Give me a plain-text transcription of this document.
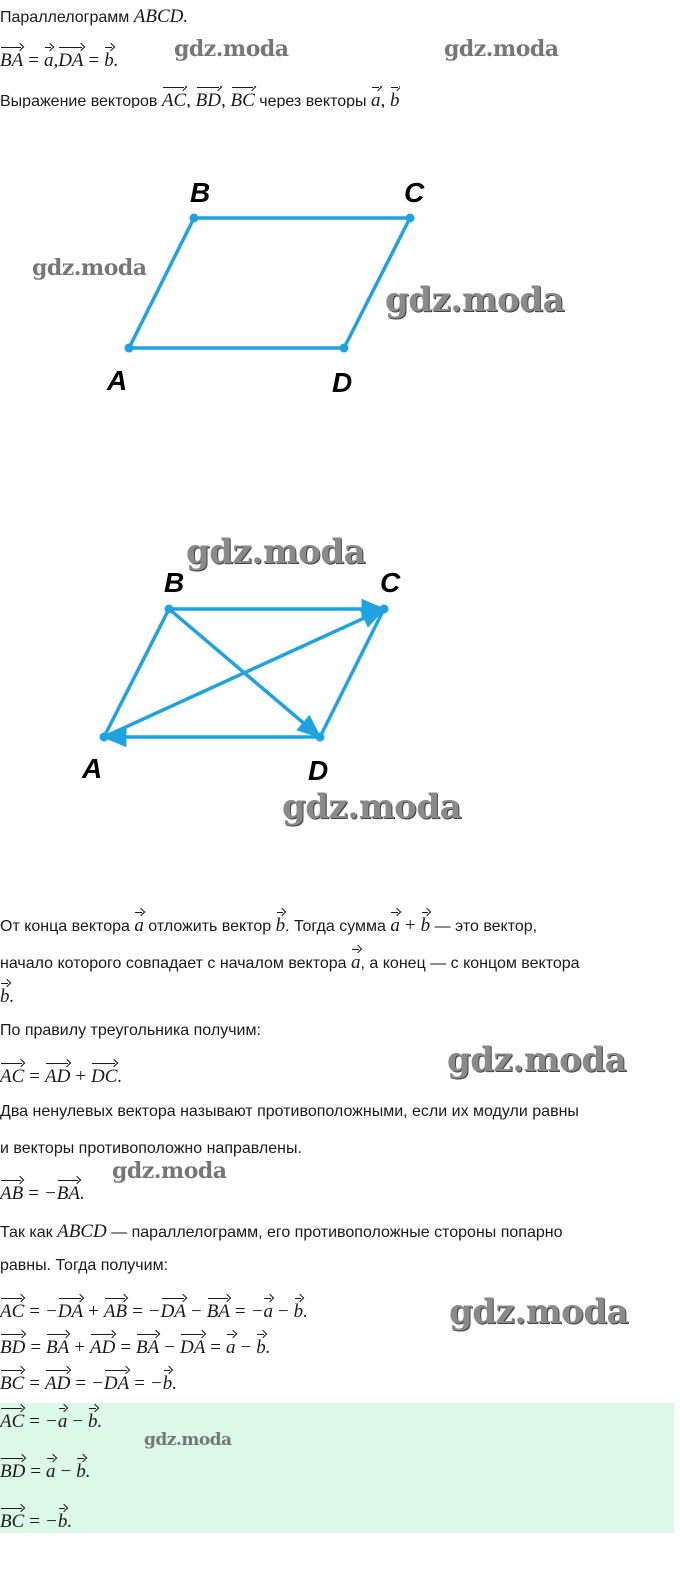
Параллелограмм ABCD.
BA = a,DA = b.
Выражение векторов AC, BD, BC через векторы a, b
A
B	C
D
A
B	C
D
От конца вектора a отложить вектор b. Тогда сумма a + b — это вектор,
начало которого совпадает с началом вектора a, а конец — с концом вектора
b.
По правилу треугольника получим:
AC = AD + DC.
Два ненулевых вектора называют противоположными, если их модули равны
и векторы противоположно направлены.
AB = −BA.
Так как ABCD — параллелограмм, его противоположные стороны попарно
равны. Тогда получим:
AC = −DA + AB = −DA − BA = −a − b.
BD = BA + AD = BA − DA = a − b.
BC = AD = −DA = −b.
AC = −a − b.
BD = a − b.
BC = −b.
gdz.moda	gdz.moda
gdz.moda
gdz.moda
gdz.moda
gdz.moda
gdz.moda
gdz.moda
gdz.moda
gdz.moda
